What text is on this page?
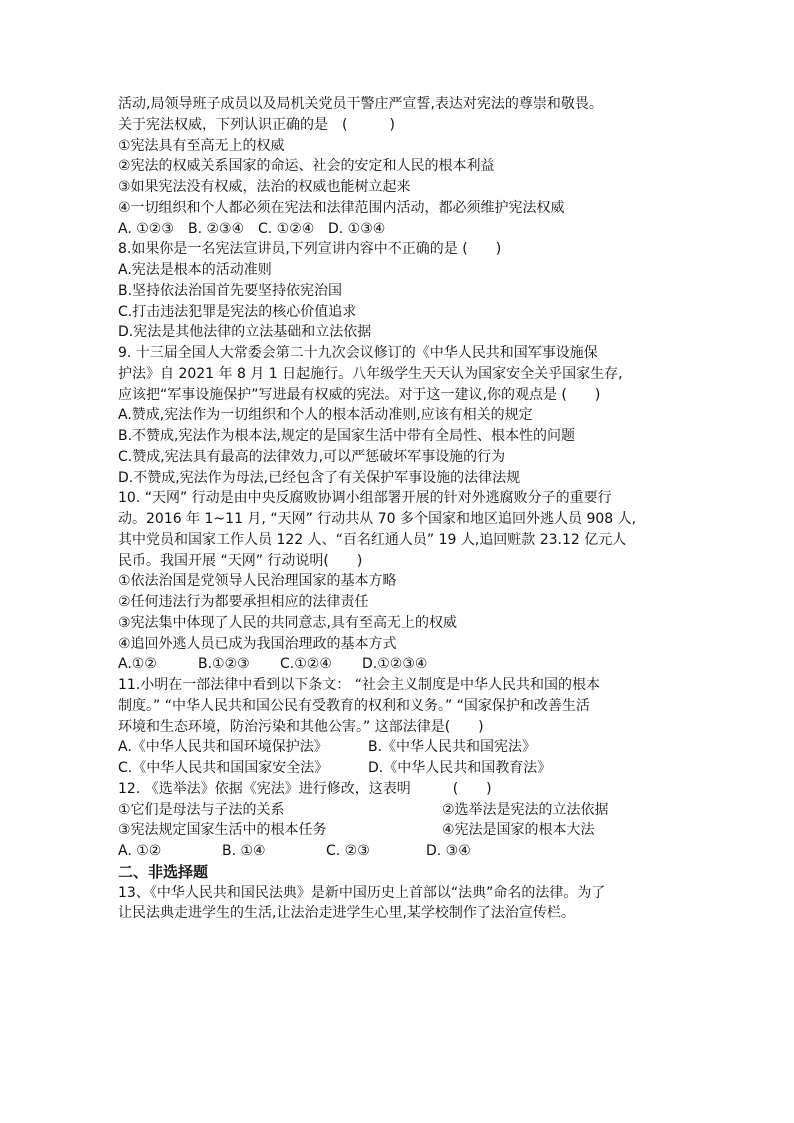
活动,局领导班子成员以及局机关党员干警庄严宣誓,表达对宪法的尊崇和敬畏。
关于宪法权威，下列认识正确的是　(　　　)
①宪法具有至高无上的权威
②宪法的权威关系国家的命运、社会的安定和人民的根本利益
③如果宪法没有权威，法治的权威也能树立起来
④一切组织和个人都必须在宪法和法律范围内活动，都必须维护宪法权威
A. ①②③	B. ②③④ C. ①②④ D. ①③④
8.如果你是一名宪法宣讲员,下列宣讲内容中不正确的是 (　　)
A.宪法是根本的活动准则
B.坚持依法治国首先要坚持依宪治国
C.打击违法犯罪是宪法的核心价值追求
D.宪法是其他法律的立法基础和立法依据
9. 十三届全国人大常委会第二十九次会议修订的《中华人民共和国军事设施保
护法》自 2021 年 8 月 1 日起施行。八年级学生天天认为国家安全关乎国家生存,
应该把“军事设施保护”写进最有权威的宪法。对于这一建议,你的观点是 (　　)
A.赞成,宪法作为一切组织和个人的根本活动准则,应该有相关的规定
B.不赞成,宪法作为根本法,规定的是国家生活中带有全局性、根本性的问题
C.赞成,宪法具有最高的法律效力,可以严惩破坏军事设施的行为
D.不赞成,宪法作为母法,已经包含了有关保护军事设施的法律法规
10. “天网” 行动是由中央反腐败协调小组部署开展的针对外逃腐败分子的重要行
动。2016 年 1~11 月, “天网” 行动共从 70 多个国家和地区追回外逃人员 908 人,
其中党员和国家工作人员 122 人、“百名红通人员” 19 人,追回赃款 23.12 亿元人
民币。我国开展 “天网” 行动说明(　　)
①依法治国是党领导人民治理国家的基本方略
②任何违法行为都要承担相应的法律责任
③宪法集中体现了人民的共同意志,具有至高无上的权威
④追回外逃人员已成为我国治理政的基本方式
A.①②	B.①②③	C.①②④	D.①②③④
11.小明在一部法律中看到以下条文： “社会主义制度是中华人民共和国的根本
制度。” “中华人民共和国公民有受教育的权利和义务。” “国家保护和改善生活
环境和生态环境，防治污染和其他公害。” 这部法律是(　　)
A.《中华人民共和国环境保护法》	B.《中华人民共和国宪法》
C.《中华人民共和国国家安全法》	D.《中华人民共和国教育法》
12. 《选举法》依据《宪法》进行修改，这表明　　　(　　)
①它们是母法与子法的关系	②选举法是宪法的立法依据
③宪法规定国家生活中的根本任务	④宪法是国家的根本大法
A. ①②	B. ①④	C. ②③	D. ③④
二、非选择题
13、《中华人民共和国民法典》是新中国历史上首部以“法典”命名的法律。为了
让民法典走进学生的生活,让法治走进学生心里,某学校制作了法治宣传栏。
